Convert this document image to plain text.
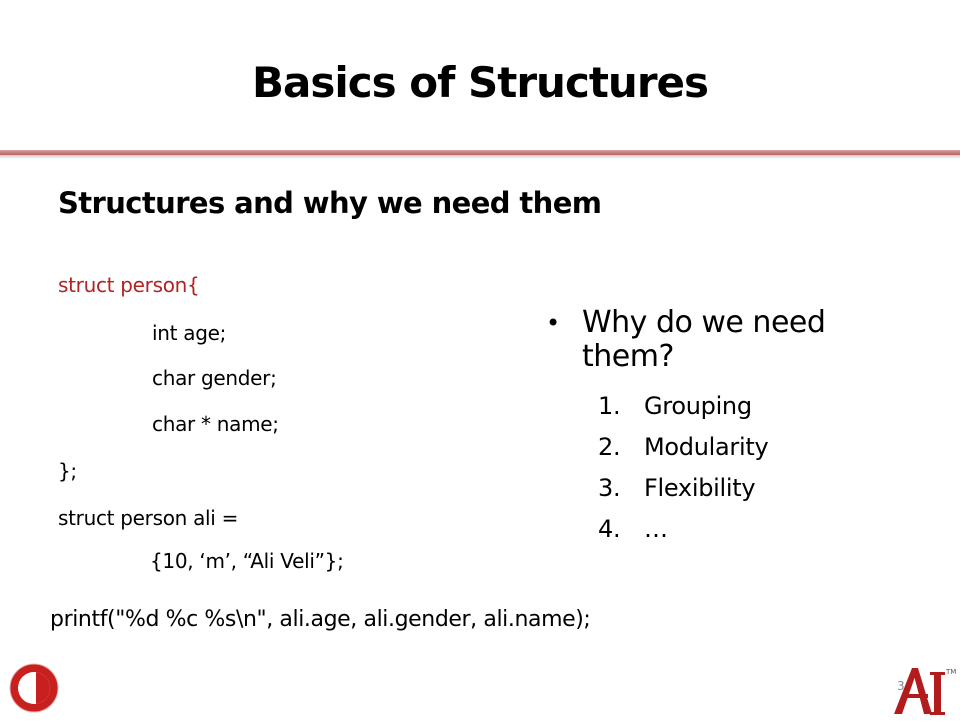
Basics of Structures
Structures and why we need them
struct person{
int age;
char gender;
char * name;
};
struct person ali =
{10, ‘m’, “Ali Veli”};
• Why do we need
them?
1. Grouping
2. Modularity
3. Flexibility
4. …
printf("%d %c %s\n", ali.age, ali.gender, ali.name);
3
TM
